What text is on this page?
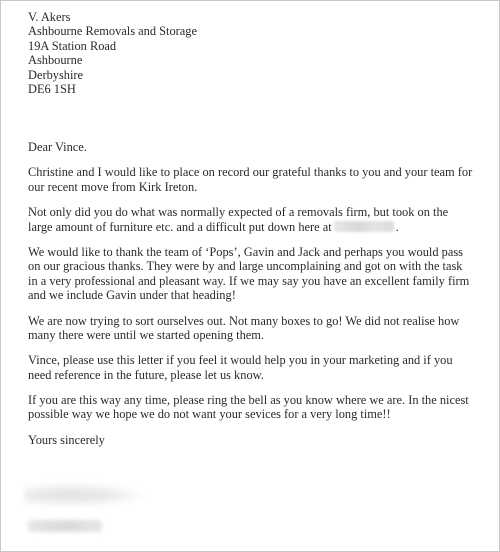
V. Akers
Ashbourne Removals and Storage
19A Station Road
Ashbourne
Derbyshire
DE6 1SH

Dear Vince.

Christine and I would like to place on record our grateful thanks to you and your team for
our recent move from Kirk Ireton.

Not only did you do what was normally expected of a removals firm, but took on the
large amount of furniture etc. and a difficult put down here at	.

We would like to thank the team of ‘Pops’, Gavin and Jack and perhaps you would pass
on our gracious thanks. They were by and large uncomplaining and got on with the task
in a very professional and pleasant way. If we may say you have an excellent family firm
and we include Gavin under that heading!

We are now trying to sort ourselves out. Not many boxes to go! We did not realise how
many there were until we started opening them.

Vince, please use this letter if you feel it would help you in your marketing and if you
need reference in the future, please let us know.

If you are this way any time, please ring the bell as you know where we are. In the nicest
possible way we hope we do not want your sevices for a very long time!!

Yours sincerely
